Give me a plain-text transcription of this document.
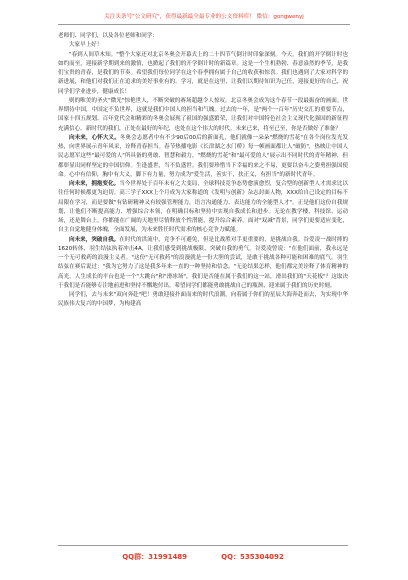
关注头条号"公文研究"，获得最新最全最专业的公文资料库！ 微信：gongwenyj

老师们、同学们，以及各位老师和同学：

大家早上好！

"春到人间草木知。"整个大家还对北京冬奥会开幕式上的二十四节气倒计时印象深刻。今天，我们的开学倒计时也如约而至，迎接新学期到来的激情，也掀起了我们的开学倒计时的新篇章。这是一个生机勃勃、春意盎然的季节，是我们宝贵的青春，是我们的节奏。希望我们每位同学在这个春季拥有属于自己的收获和惊喜。我们也遇到了大家对科学的新进展，和他们对我们正在追求的美好事业有的。学习，就是在这里，让我们以期待知识为己任，迎接更好的自己，祝同学们学业进步，健康成长！

则的唯美的圣火"微光"惊艳世人，不断突破的赛场超越令人惊叹。北京冬奥会成为这个春节一段最振奋的画面。世界期待中国，中国定不负世界，这就是我们中国人的担当和气魄。过去的一年，是"两个一百年"历史交汇的重要节点，国家十四五规划、百年党代会和精彩的冬奥会展现了祖国的强盛繁荣，让我们对中国特色社会主义现代化强国的新征程充满信心。新时代的我们，正处在最好的年纪，也处在这个伟大的时代。未来已来，将至已至，你是否做好了准备？

向未来，心怀大义。冬奥会志愿者中有不少90后00后的新面孔，他们就像一朵朵"燃烧的雪花"在各个岗位发光发热，向世界展示青年风采，诠释青春担当。春节热播电影《长津湖之水门桥》每一帧画面都让人"破防"，热映让中国人民志愿军这些"最可爱的人"所具备的勇敢、智慧和毅力，"燃烧的雪花"和"最可爱的人"展示出不同时代的青年精神，但都彰显出同样坚定的中国信仰。生逢盛世，当不负盛世。我们要珍惜当下幸福的来之不易，更要以奋斗之姿勇担强国使命。心中有信仰，胸中有大义，脚下有力量，努力成为"爱生活，善实干，扶正义，有担当"的新时代青年。

向未来，拥抱变化。当今世界处于百年未有之大变局，全球科技竞争态势愈演愈烈，复合型的创新型人才需求比以往任何时候都更为迫切。高三学子XXX上个月成为大家称道的《发明与创新》杂志封面人物，XXX给自己设定的目标不局限在学习，而是要做"有钻研精神又有较强管理能力，语言沟通能力、表达能力的全能型人才"。正是他们这份自我规划，让他们不断提高能力、增强综合本领，在明确目标和坚持中实现自我成长和进步。无论在教学楼、科技馆、运动场，还是舞台上，你都能在广阔的天地里尽情释放个性潜能，提升综合素养。面对"双减"背景，同学们更要适应变化，自主自觉地健身体魄，全面发展，为未来胜任时代需求的核心竞争力赋能。

向未来，突破自我。在时代的洪流中，竞争不可避免，但是比战胜对手更重要的，是挑战自我。谷爱凌一战时摔的1620转体、羽生结弦执着冲击4A，让我们感受到挑战极限、突破自我的勇气。谷爱凌曾说："在他们面前，我永远是一个无可救药的浪漫主义者。"这份"无可救药"的浪漫就是一份大胆的尝试，是敢于挑战各种可能和困难的底气。羽生结弦在赛后说过："我为它努力了这是我多年来一直的一种坚持和信念。"无论结果怎样，他们都完美诠释了体育精神的高光。人生成长的平台也是一个"大跳台"和"滑冰场"，我们是否能在属于我们的这一站，滑出我们的"天花板"？这取决于我们是否能够专注地前进和坚持不懈地付出。希望同学们都能勇敢挑战自己的瓶颈，迎来属于我们的历史时刻。

同学们，去与未来"双向奔赴"吧！勇敢迎接扑面而来的时代浪潮，向着属于你们的星辰大海奔赴而去，为实现中华民族伟大复兴的中国梦，为构建高

QQ群：31991489	QQ：535304092
